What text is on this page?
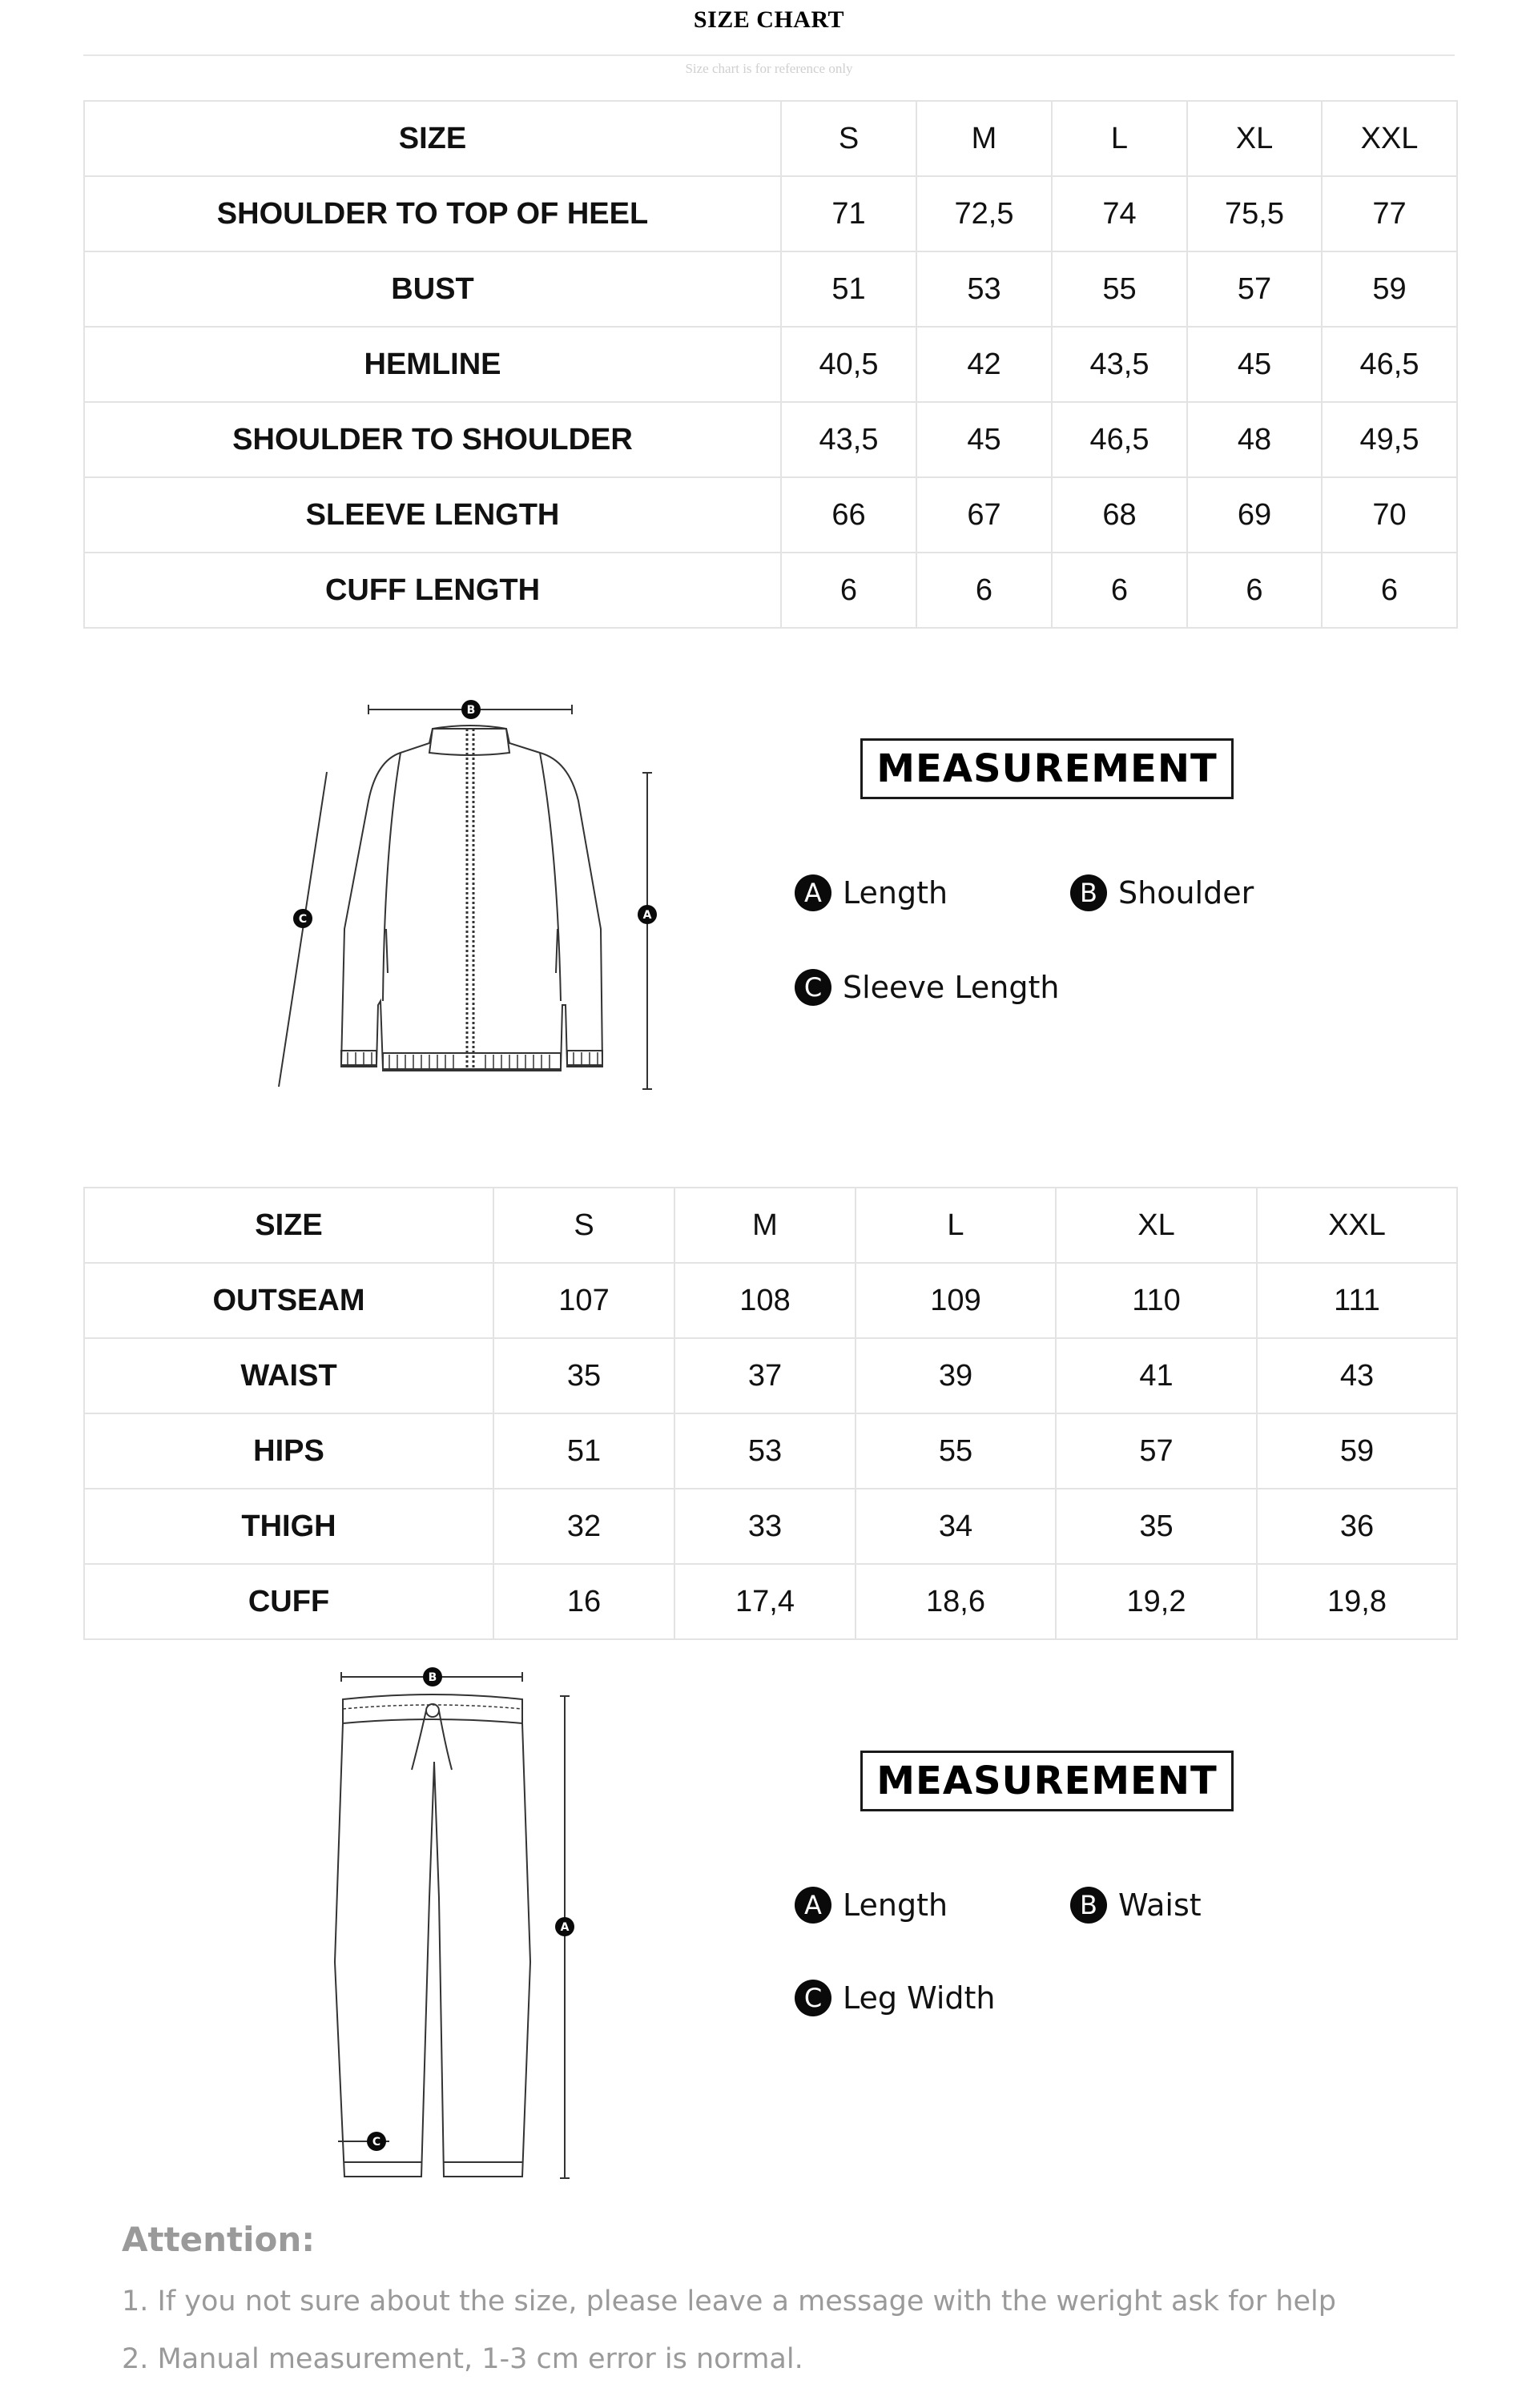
SIZE CHART
Size chart is for reference only
SIZE	S	M	L	XL	XXL
SHOULDER TO TOP OF HEEL	71	72,5	74	75,5	77
BUST	51	53	55	57	59
HEMLINE	40,5	42	43,5	45	46,5
SHOULDER TO SHOULDER	43,5	45	46,5	48	49,5
SLEEVE LENGTH	66	67	68	69	70
CUFF LENGTH	6	6	6	6	6
B
A
C
MEASUREMENT
A Length	B Shoulder
C Sleeve Length
SIZE	S	M	L	XL	XXL
OUTSEAM	107	108	109	110	111
WAIST	35	37	39	41	43
HIPS	51	53	55	57	59
THIGH	32	33	34	35	36
CUFF	16	17,4	18,6	19,2	19,8
B
A
C
MEASUREMENT
A Length	B Waist
C Leg Width
Attention:
1. If you not sure about the size, please leave a message with the weright ask for help
2. Manual measurement, 1-3 cm error is normal.
